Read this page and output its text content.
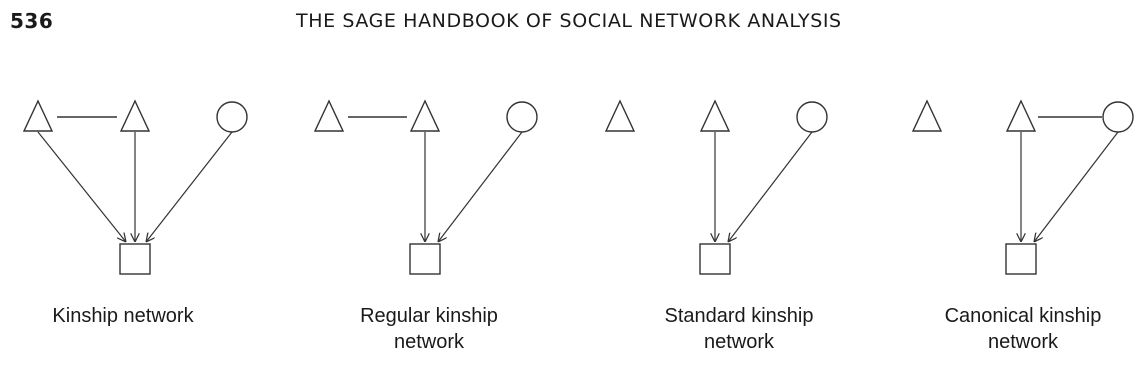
536	THE SAGE HANDBOOK OF SOCIAL NETWORK ANALYSIS
Kinship network	Regular kinship
network
Standard kinship
network
Canonical kinship
network
